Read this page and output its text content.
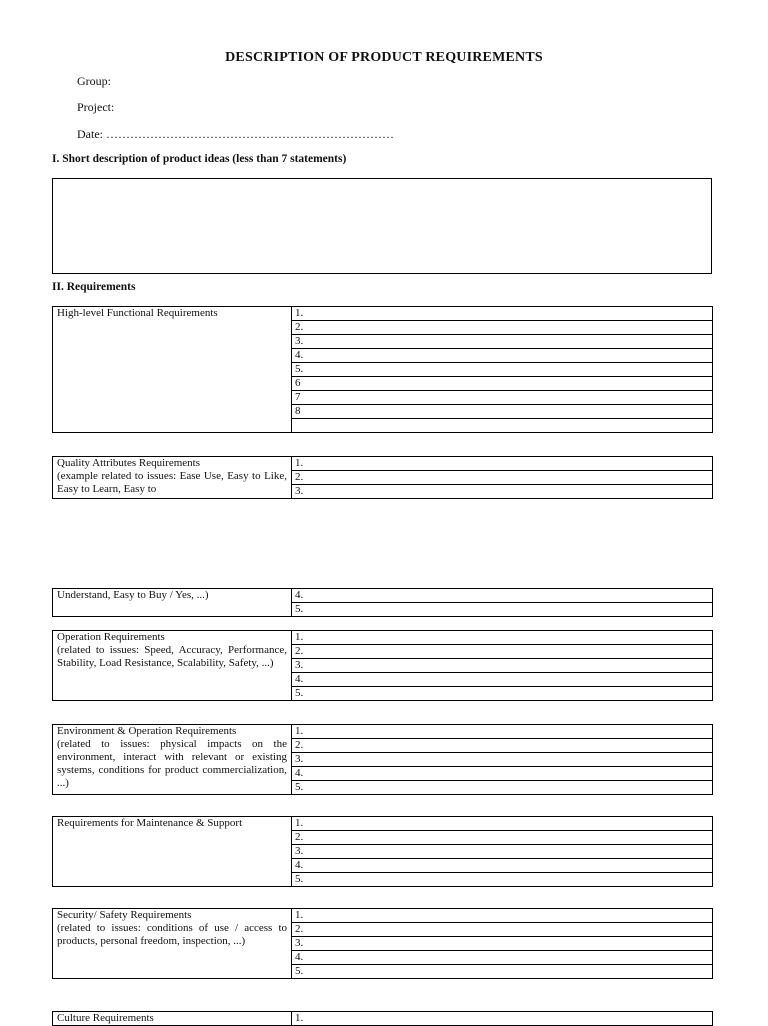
DESCRIPTION OF PRODUCT REQUIREMENTS
Group:
Project:
Date: ………………………………………………………………
I. Short description of product ideas (less than 7 statements)
II. Requirements
High-level Functional Requirements	1.
2.
3.
4.
5.
6
7
8

Quality Attributes Requirements
(example related to issues: Ease Use, Easy to Like, Easy to Learn, Easy to
	1.
2.
3.
Understand, Easy to Buy / Yes, ...)	4.
5.
Operation Requirements
(related to issues: Speed, Accuracy, Performance, Stability, Load Resistance, Scalability, Safety, ...)
	1.
2.
3.
4.
5.
Environment & Operation Requirements
(related to issues: physical impacts on the environment, interact with relevant or existing systems, conditions for product commercialization, ...)
	1.
2.
3.
4.
5.
Requirements for Maintenance & Support	1.
2.
3.
4.
5.
Security/ Safety Requirements
(related to issues: conditions of use / access to products, personal freedom, inspection, ...)
	1.
2.
3.
4.
5.
Culture Requirements	1.
